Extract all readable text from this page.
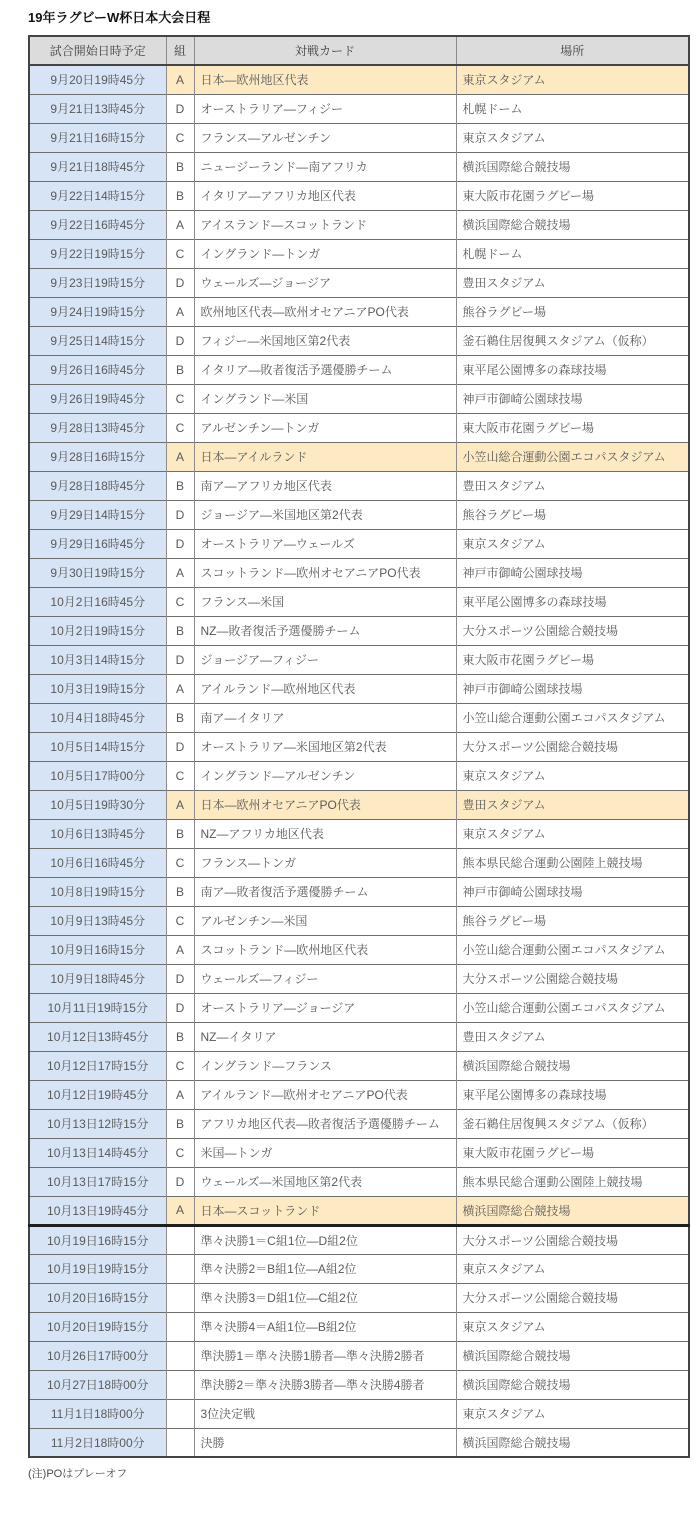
19年ラグビーW杯日本大会日程
試合開始日時予定	組	対戦カード	場所
9月20日19時45分	A	日本―欧州地区代表	東京スタジアム
9月21日13時45分	D	オーストラリア―フィジー	札幌ドーム
9月21日16時15分	C	フランス―アルゼンチン	東京スタジアム
9月21日18時45分	B	ニュージーランド―南アフリカ	横浜国際総合競技場
9月22日14時15分	B	イタリア―アフリカ地区代表	東大阪市花園ラグビー場
9月22日16時45分	A	アイスランド―スコットランド	横浜国際総合競技場
9月22日19時15分	C	イングランド―トンガ	札幌ドーム
9月23日19時15分	D	ウェールズ―ジョージア	豊田スタジアム
9月24日19時15分	A	欧州地区代表―欧州オセアニアPO代表	熊谷ラグビー場
9月25日14時15分	D	フィジー―米国地区第2代表	釜石鵜住居復興スタジアム（仮称）
9月26日16時45分	B	イタリア―敗者復活予選優勝チーム	東平尾公園博多の森球技場
9月26日19時45分	C	イングランド―米国	神戸市御崎公園球技場
9月28日13時45分	C	アルゼンチン―トンガ	東大阪市花園ラグビー場
9月28日16時15分	A	日本―アイルランド	小笠山総合運動公園エコパスタジアム
9月28日18時45分	B	南ア―アフリカ地区代表	豊田スタジアム
9月29日14時15分	D	ジョージア―米国地区第2代表	熊谷ラグビー場
9月29日16時45分	D	オーストラリア―ウェールズ	東京スタジアム
9月30日19時15分	A	スコットランド―欧州オセアニアPO代表	神戸市御崎公園球技場
10月2日16時45分	C	フランス―米国	東平尾公園博多の森球技場
10月2日19時15分	B	NZ―敗者復活予選優勝チーム	大分スポーツ公園総合競技場
10月3日14時15分	D	ジョージア―フィジー	東大阪市花園ラグビー場
10月3日19時15分	A	アイルランド―欧州地区代表	神戸市御崎公園球技場
10月4日18時45分	B	南ア―イタリア	小笠山総合運動公園エコパスタジアム
10月5日14時15分	D	オーストラリア―米国地区第2代表	大分スポーツ公園総合競技場
10月5日17時00分	C	イングランド―アルゼンチン	東京スタジアム
10月5日19時30分	A	日本―欧州オセアニアPO代表	豊田スタジアム
10月6日13時45分	B	NZ―アフリカ地区代表	東京スタジアム
10月6日16時45分	C	フランス―トンガ	熊本県民総合運動公園陸上競技場
10月8日19時15分	B	南ア―敗者復活予選優勝チーム	神戸市御崎公園球技場
10月9日13時45分	C	アルゼンチン―米国	熊谷ラグビー場
10月9日16時15分	A	スコットランド―欧州地区代表	小笠山総合運動公園エコパスタジアム
10月9日18時45分	D	ウェールズ―フィジー	大分スポーツ公園総合競技場
10月11日19時15分	D	オーストラリア―ジョージア	小笠山総合運動公園エコパスタジアム
10月12日13時45分	B	NZ―イタリア	豊田スタジアム
10月12日17時15分	C	イングランド―フランス	横浜国際総合競技場
10月12日19時45分	A	アイルランド―欧州オセアニアPO代表	東平尾公園博多の森球技場
10月13日12時15分	B	アフリカ地区代表―敗者復活予選優勝チーム	釜石鵜住居復興スタジアム（仮称）
10月13日14時45分	C	米国―トンガ	東大阪市花園ラグビー場
10月13日17時15分	D	ウェールズ―米国地区第2代表	熊本県民総合運動公園陸上競技場
10月13日19時45分	A	日本―スコットランド	横浜国際総合競技場
10月19日16時15分		準々決勝1＝C組1位―D組2位	大分スポーツ公園総合競技場
10月19日19時15分		準々決勝2＝B組1位―A組2位	東京スタジアム
10月20日16時15分		準々決勝3＝D組1位―C組2位	大分スポーツ公園総合競技場
10月20日19時15分		準々決勝4＝A組1位―B組2位	東京スタジアム
10月26日17時00分		準決勝1＝準々決勝1勝者―準々決勝2勝者	横浜国際総合競技場
10月27日18時00分		準決勝2＝準々決勝3勝者―準々決勝4勝者	横浜国際総合競技場
11月1日18時00分		3位決定戦	東京スタジアム
11月2日18時00分		決勝	横浜国際総合競技場
(注)POはプレーオフ
